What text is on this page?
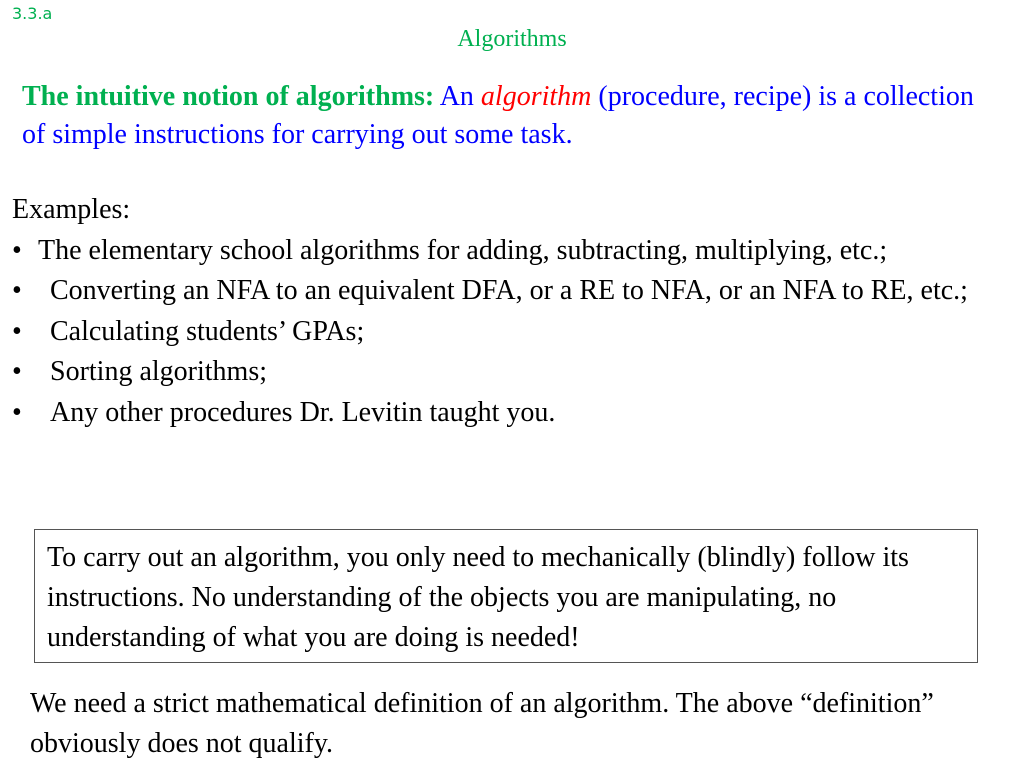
3.3.a
Algorithms
The intuitive notion of algorithms: An algorithm (procedure, recipe) is a collection of simple instructions for carrying out some task.
Examples:
• The elementary school algorithms for adding, subtracting, multiplying, etc.;
•	Converting an NFA to an equivalent DFA, or a RE to NFA, or an NFA to RE, etc.;
•	Calculating students’ GPAs;
•	Sorting algorithms;
•	Any other procedures Dr. Levitin taught you.
To carry out an algorithm, you only need to mechanically (blindly) follow its instructions. No understanding of the objects you are manipulating, no understanding of what you are doing is needed!
We need a strict mathematical definition of an algorithm. The above “definition” obviously does not qualify.
